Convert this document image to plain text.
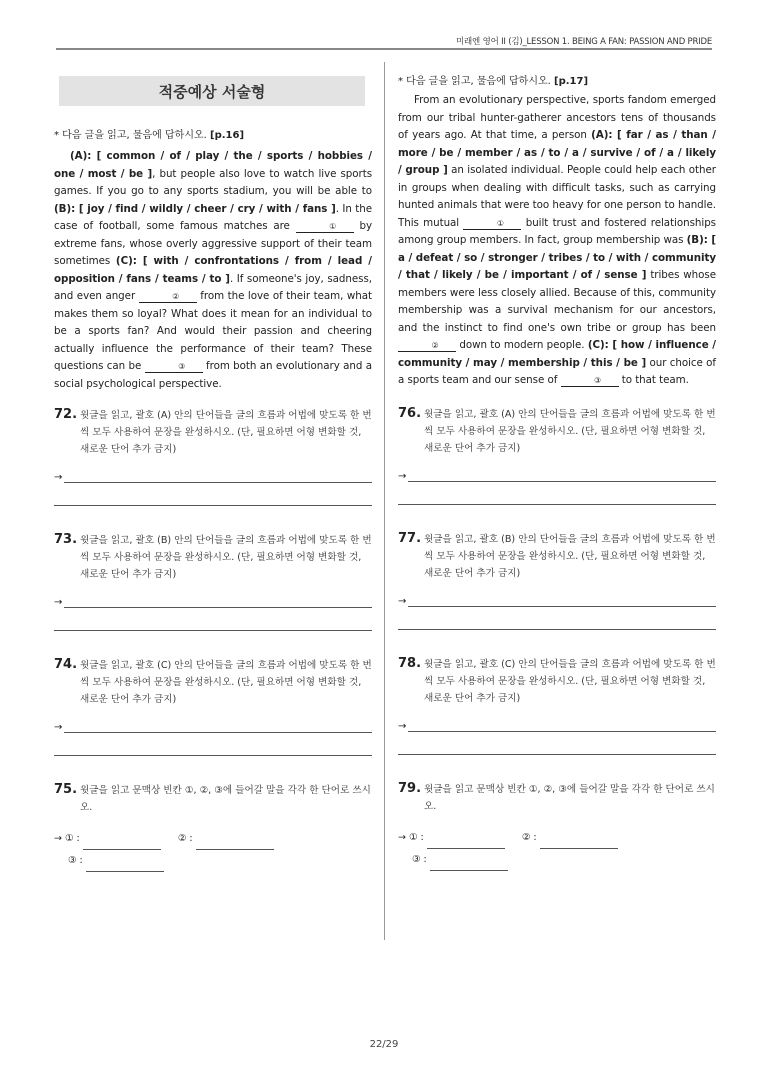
미래엔 영어 II (김)_LESSON 1. BEING A FAN: PASSION AND PRIDE
적중예상 서술형
* 다음 글을 읽고, 물음에 답하시오. [p.16]
(A): [ common / of / play / the / sports / hobbies / one / most / be ], but people also love to watch live sports games. If you go to any sports stadium, you will be able to (B): [ joy / find / wildly / cheer / cry / with / fans ]. In the case of football, some famous matches are	① by extreme fans, whose overly aggressive support of their team sometimes (C): [ with / confrontations / from / lead / opposition / fans / teams / to ]. If someone's joy, sadness, and even anger	② from the love of their team, what makes them so loyal? What does it mean for an individual to be a sports fan? And would their passion and cheering actually influence the performance of their team? These questions can be	③ from both an evolutionary and a social psychological perspective.
72. 윗글을 읽고, 괄호 (A) 안의 단어들을 글의 흐름과 어법에 맞도록 한 번씩 모두 사용하여 문장을 완성하시오. (단, 필요하면 어형 변화할 것, 새로운 단어 추가 금지)
→
73. 윗글을 읽고, 괄호 (B) 안의 단어들을 글의 흐름과 어법에 맞도록 한 번씩 모두 사용하여 문장을 완성하시오. (단, 필요하면 어형 변화할 것, 새로운 단어 추가 금지)
→
74. 윗글을 읽고, 괄호 (C) 안의 단어들을 글의 흐름과 어법에 맞도록 한 번씩 모두 사용하여 문장을 완성하시오. (단, 필요하면 어형 변화할 것, 새로운 단어 추가 금지)
→
75. 윗글을 읽고 문맥상 빈칸 ①, ②, ③에 들어갈 말을 각각 한 단어로 쓰시오.
→ ① :	② :
③ :
* 다음 글을 읽고, 물음에 답하시오. [p.17]
From an evolutionary perspective, sports fandom emerged from our tribal hunter-gatherer ancestors tens of thousands of years ago. At that time, a person (A): [ far / as / than / more / be / member / as / to / a / survive / of / a / likely / group ] an isolated individual. People could help each other in groups when dealing with difficult tasks, such as carrying hunted animals that were too heavy for one person to handle. This mutual	① built trust and fostered relationships among group members. In fact, group membership was (B): [ a / defeat / so / stronger / tribes / to / with / community / that / likely / be / important / of / sense ] tribes whose members were less closely allied. Because of this, community membership was a survival mechanism for our ancestors, and the instinct to find one's own tribe or group has been ② down to modern people. (C): [ how / influence / community / may / membership / this / be ] our choice of a sports team and our sense of	③ to that team.
76. 윗글을 읽고, 괄호 (A) 안의 단어들을 글의 흐름과 어법에 맞도록 한 번씩 모두 사용하여 문장을 완성하시오. (단, 필요하면 어형 변화할 것, 새로운 단어 추가 금지)
→
77. 윗글을 읽고, 괄호 (B) 안의 단어들을 글의 흐름과 어법에 맞도록 한 번씩 모두 사용하여 문장을 완성하시오. (단, 필요하면 어형 변화할 것, 새로운 단어 추가 금지)
→
78. 윗글을 읽고, 괄호 (C) 안의 단어들을 글의 흐름과 어법에 맞도록 한 번씩 모두 사용하여 문장을 완성하시오. (단, 필요하면 어형 변화할 것, 새로운 단어 추가 금지)
→
79. 윗글을 읽고 문맥상 빈칸 ①, ②, ③에 들어갈 말을 각각 한 단어로 쓰시오.
→ ① :	② :
③ :
22/29
